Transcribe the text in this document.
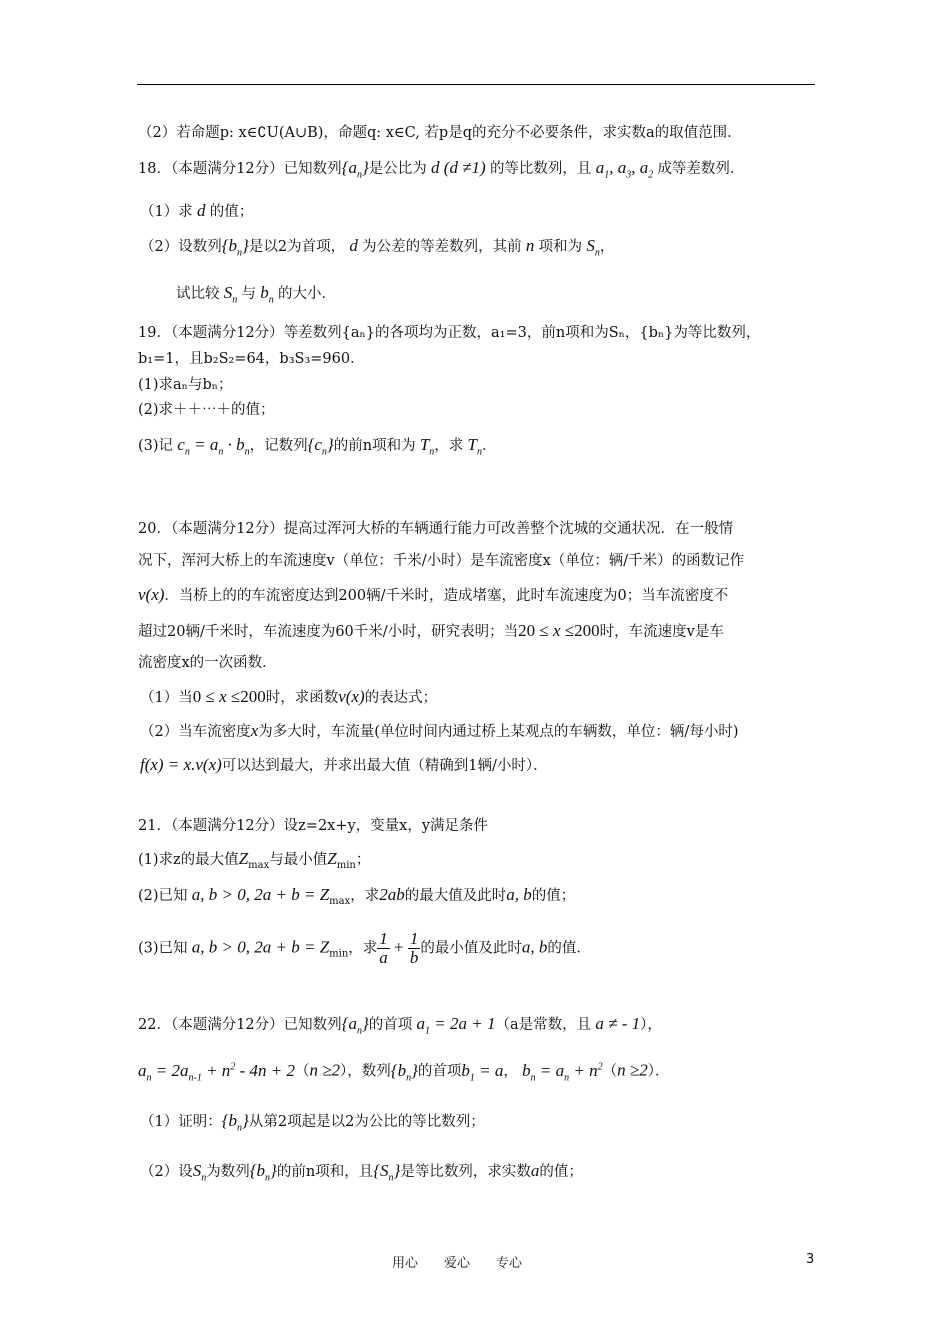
（2）若命题p: x∈∁U(A∪B)，命题q: x∈C, 若p是q的充分不必要条件，求实数a的取值范围．
18．（本题满分12分）已知数列$\{a_n\}$是公比为 d (d ≠1) 的等比数列，且 $a_1$, $a_3$, $a_2$ 成等差数列．
（1）求 d 的值；
（2）设数列$\{b_n\}$是以2为首项， d 为公差的等差数列，其前 n 项和为 $S_n$，
试比较 $S_n$ 与 $b_n$ 的大小．
19．（本题满分12分）等差数列{aₙ}的各项均为正数，a₁=3，前n项和为Sₙ，{bₙ}为等比数列，
b₁=1，且b₂S₂=64，b₃S₃=960．
(1)求aₙ与bₙ；
(2)求＋＋⋯＋的值；
(3)记 $c_n = a_n \cdot b_n$，记数列$\{c_n\}$的前n项和为 $T_n$，求 $T_n$．
20．（本题满分12分）提高过浑河大桥的车辆通行能力可改善整个沈城的交通状况．在一般情
况下，浑河大桥上的车流速度v（单位：千米/小时）是车流密度x（单位：辆/千米）的函数记作
v(x)．当桥上的的车流密度达到200辆/千米时，造成堵塞，此时车流速度为0；当车流密度不
超过20辆/千米时，车流速度为60千米/小时，研究表明；当20 ≤ x ≤200时，车流速度v是车
流密度x的一次函数．
（1）当0 ≤ x ≤200时，求函数v(x)的表达式；
（2）当车流密度x为多大时，车流量(单位时间内通过桥上某观点的车辆数，单位：辆/每小时)
f(x) = x.v(x)可以达到最大，并求出最大值（精确到1辆/小时）．
21．（本题满分12分）设z=2x+y，变量x，y满足条件
(1)求z的最大值$Z_{max}$与最小值$Z_{min}$；
(2)已知 a, b > 0, $2a + b = Z_{max}$，求2ab的最大值及此时a, b的值；
(3)已知 a, b > 0, $2a + b = Z_{min}$，求 $\frac{1}{a} + \frac{1}{b}$ 的最小值及此时a, b的值．
22．（本题满分12分）已知数列$\{a_n\}$的首项 $a_1 = 2a + 1(a$是常数，且 a ≠ - 1），
$a_n = 2a_{n-1} + n^2 - 4n + 2(n \ge 2)$，数列$\{b_n\}$的首项$b_1 = a$， $b_n = a_n + n^2(n \ge 2)$．
（1）证明：$\{b_n\}$从第2项起是以2为公比的等比数列；
（2）设$S_n$为数列$\{b_n\}$的前n项和，且$\{S_n\}$是等比数列，求实数a的值；
用心　　爱心　　专心	3
